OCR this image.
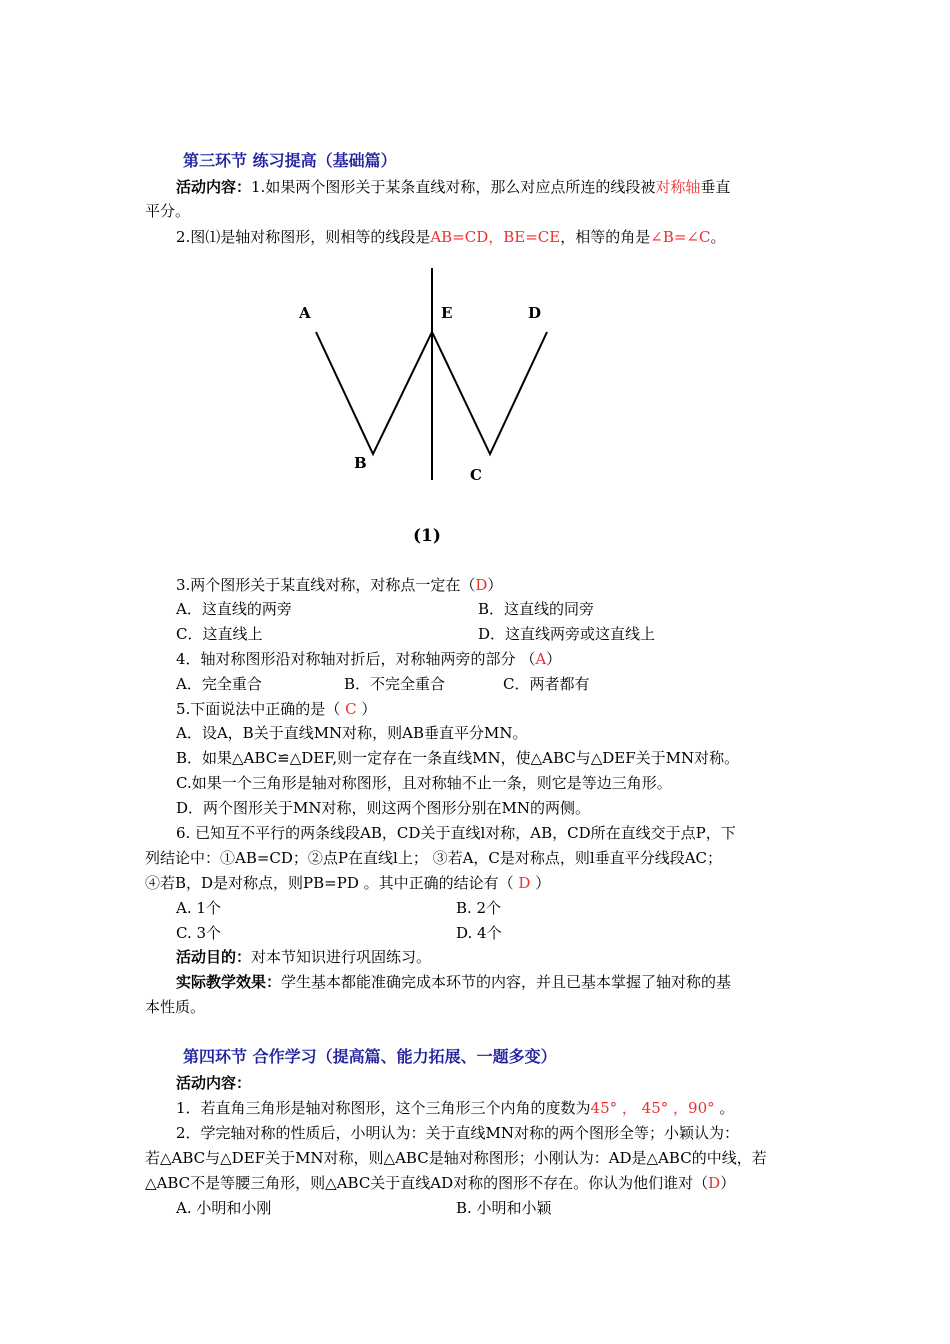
第三环节 练习提高（基础篇）
活动内容：1.如果两个图形关于某条直线对称，那么对应点所连的线段被对称轴垂直
平分。
2.图⑴是轴对称图形，则相等的线段是AB=CD，BE=CE，相等的角是∠B=∠C。
A	E	D
B
C
(1)
3.两个图形关于某直线对称，对称点一定在（D）
A．这直线的两旁	B．这直线的同旁
C．这直线上	D．这直线两旁或这直线上
4．轴对称图形沿对称轴对折后，对称轴两旁的部分 （A）
A．完全重合	B．不完全重合	C．两者都有
5.下面说法中正确的是（ C ）
A．设A，B关于直线MN对称，则AB垂直平分MN。
B．如果△ABC≌△DEF,则一定存在一条直线MN，使△ABC与△DEF关于MN对称。
C.如果一个三角形是轴对称图形，且对称轴不止一条，则它是等边三角形。
D．两个图形关于MN对称，则这两个图形分别在MN的两侧。
6. 已知互不平行的两条线段AB，CD关于直线l对称，AB，CD所在直线交于点P，下
列结论中：①AB=CD；②点P在直线l上； ③若A，C是对称点，则l垂直平分线段AC；
④若B，D是对称点，则PB=PD 。其中正确的结论有（ D ）
A. 1个	B. 2个
C. 3个	D. 4个
活动目的：对本节知识进行巩固练习。
实际教学效果：学生基本都能准确完成本环节的内容，并且已基本掌握了轴对称的基
本性质。
第四环节 合作学习（提高篇、能力拓展、一题多变）
活动内容：
1．若直角三角形是轴对称图形，这个三角形三个内角的度数为45° ， 45° ，90° 。
2．学完轴对称的性质后，小明认为：关于直线MN对称的两个图形全等；小颖认为：
若△ABC与△DEF关于MN对称，则△ABC是轴对称图形；小刚认为：AD是△ABC的中线，若
△ABC不是等腰三角形，则△ABC关于直线AD对称的图形不存在。你认为他们谁对（D）
A. 小明和小刚	B. 小明和小颖
